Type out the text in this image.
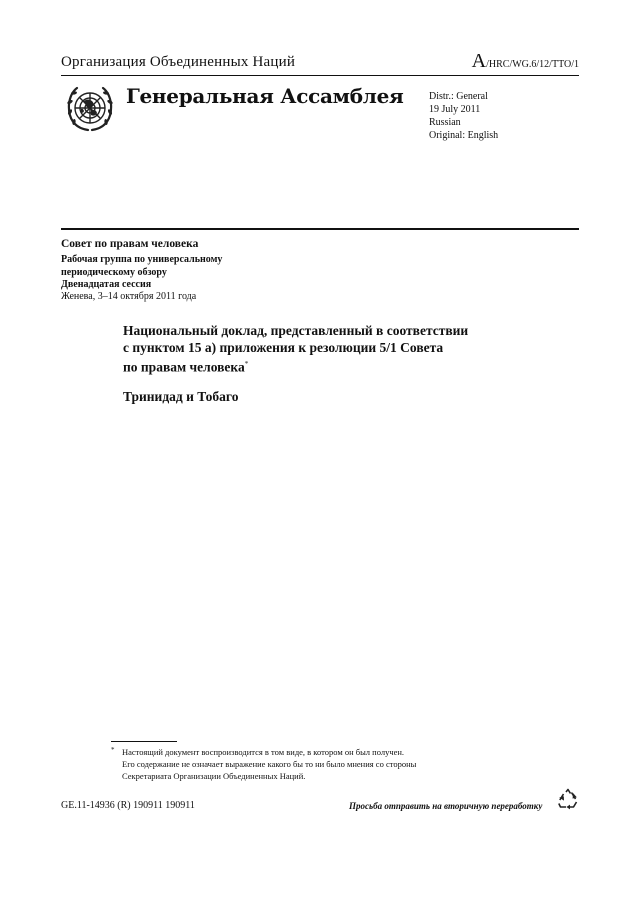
Организация Объединенных Наций	A/HRC/WG.6/12/TTO/1
Генеральная Ассамблея	Distr.: General
19 July 2011
Russian
Original: English
Совет по правам человека
Рабочая группа по универсальному
периодическому обзору
Двенадцатая сессия
Женева, 3–14 октября 2011 года
Национальный доклад, представленный в соответствии
с пунктом 15 а) приложения к резолюции 5/1 Совета
по правам человека*
Тринидад и Тобаго
* Настоящий документ воспроизводится в том виде, в котором он был получен.
Его содержание не означает выражение какого бы то ни было мнения со стороны
Секретариата Организации Объединенных Наций.
GE.11-14936 (R) 190911 190911	Просьба отправить на вторичную переработку
